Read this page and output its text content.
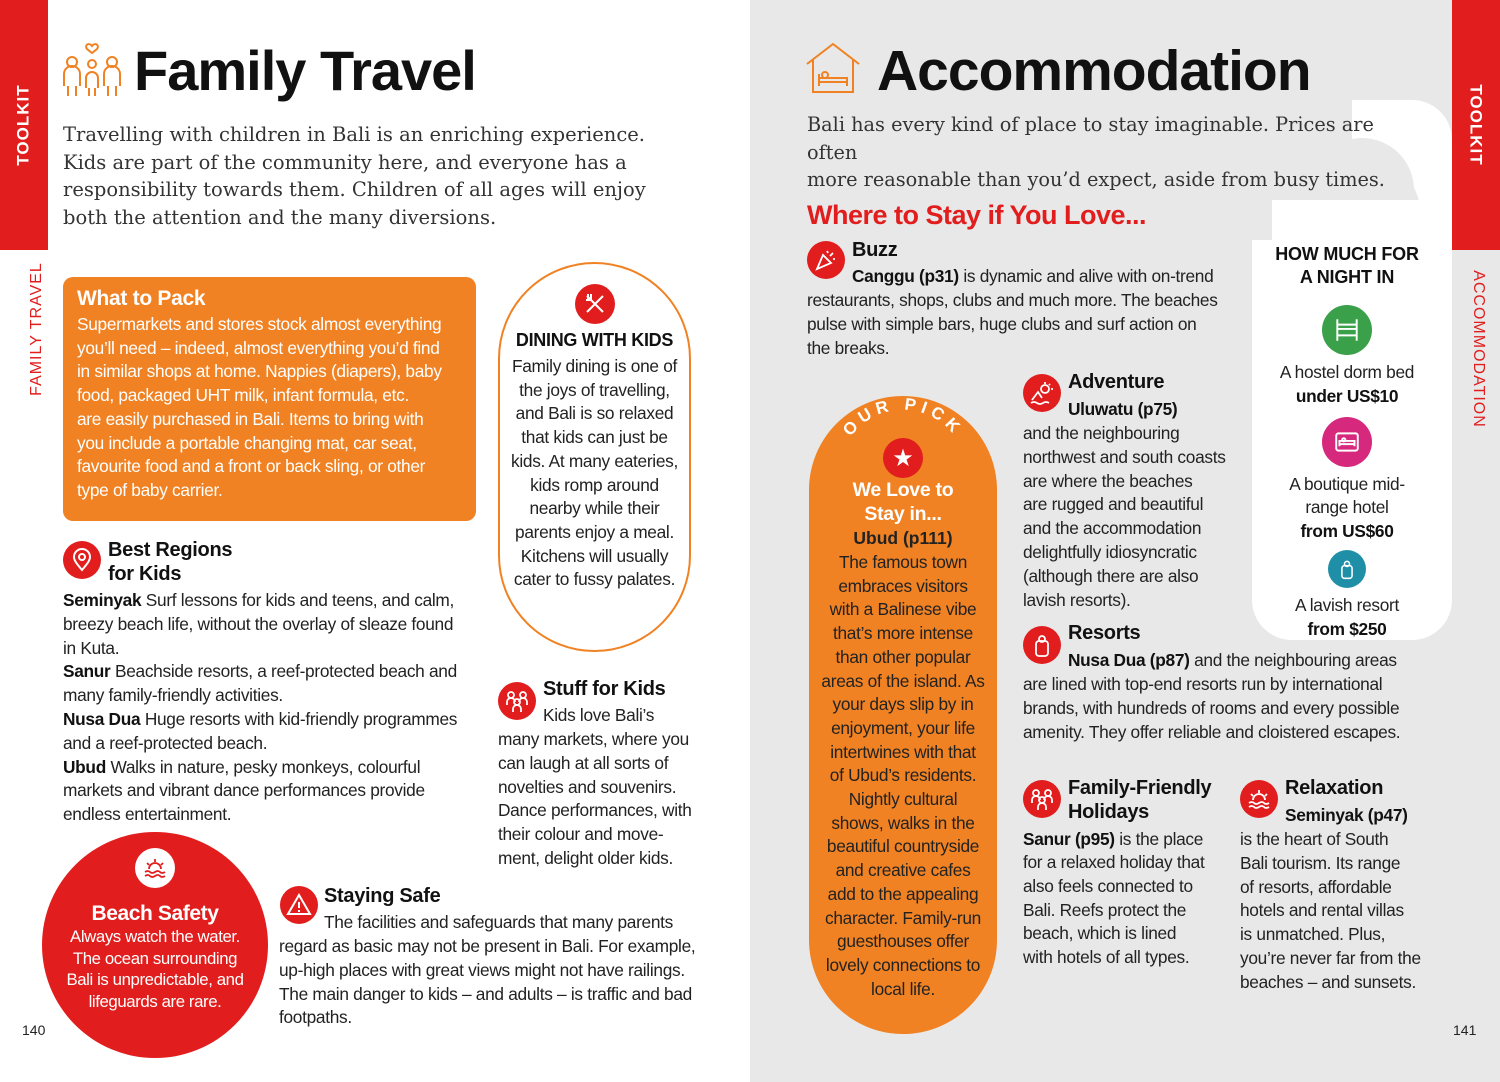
TOOLKIT
FAMILY TRAVEL
Family Travel
Travelling with children in Bali is an enriching experience.
Kids are part of the community here, and everyone has a
responsibility towards them. Children of all ages will enjoy
both the attention and the many diversions.
What to Pack
Supermarkets and stores stock almost everything
you’ll need – indeed, almost everything you’d find
in similar shops at home. Nappies (diapers), baby
food, packaged UHT milk, infant formula, etc.
are easily purchased in Bali. Items to bring with
you include a portable changing mat, car seat,
favourite food and a front or back sling, or other
type of baby carrier.
DINING WITH KIDS
Family dining is one of
the joys of travelling,
and Bali is so relaxed
that kids can just be
kids. At many eateries,
kids romp around
nearby while their
parents enjoy a meal.
Kitchens will usually
cater to fussy palates.
Best Regions
for Kids
Seminyak Surf lessons for kids and teens, and calm,
breezy beach life, without the overlay of sleaze found
in Kuta.
Sanur Beachside resorts, a reef-protected beach and
many family-friendly activities.
Nusa Dua Huge resorts with kid-friendly programmes
and a reef-protected beach.
Ubud Walks in nature, pesky monkeys, colourful
markets and vibrant dance performances provide
endless entertainment.
Stuff for Kids
Kids love Bali’s
many markets, where you
can laugh at all sorts of
novelties and souvenirs.
Dance performances, with
their colour and move-
ment, delight older kids.
Beach Safety
Always watch the water.
The ocean surrounding
Bali is unpredictable, and
lifeguards are rare.
Staying Safe
The facilities and safeguards that many parents
regard as basic may not be present in Bali. For example,
up-high places with great views might not have railings.
The main danger to kids – and adults – is traffic and bad
footpaths.
140
TOOLKIT
ACCOMMODATION
Accommodation
Bali has every kind of place to stay imaginable. Prices are often
more reasonable than you’d expect, aside from busy times.
Where to Stay if You Love...
Buzz
Canggu (p31) is dynamic and alive with on-trend
restaurants, shops, clubs and much more. The beaches
pulse with simple bars, huge clubs and surf action on
the breaks.
OUR PICK
★
We Love to
Stay in...
Ubud (p111)
The famous town
embraces visitors
with a Balinese vibe
that’s more intense
than other popular
areas of the island. As
your days slip by in
enjoyment, your life
intertwines with that
of Ubud’s residents.
Nightly cultural
shows, walks in the
beautiful countryside
and creative cafes
add to the appealing
character. Family-run
guesthouses offer
lovely connections to
local life.
Adventure
Uluwatu (p75)
and the neighbouring
northwest and south coasts
are where the beaches
are rugged and beautiful
and the accommodation
delightfully idiosyncratic
(although there are also
lavish resorts).
HOW MUCH FOR
A NIGHT IN
A hostel dorm bed
under US$10
A boutique mid-
range hotel
from US$60
A lavish resort
from $250
Resorts
Nusa Dua (p87) and the neighbouring areas
are lined with top-end resorts run by international
brands, with hundreds of rooms and every possible
amenity. They offer reliable and cloistered escapes.
Family-Friendly
Holidays
Sanur (p95) is the place
for a relaxed holiday that
also feels connected to
Bali. Reefs protect the
beach, which is lined
with hotels of all types.
Relaxation
Seminyak (p47)
is the heart of South
Bali tourism. Its range
of resorts, affordable
hotels and rental villas
is unmatched. Plus,
you’re never far from the
beaches – and sunsets.
141
